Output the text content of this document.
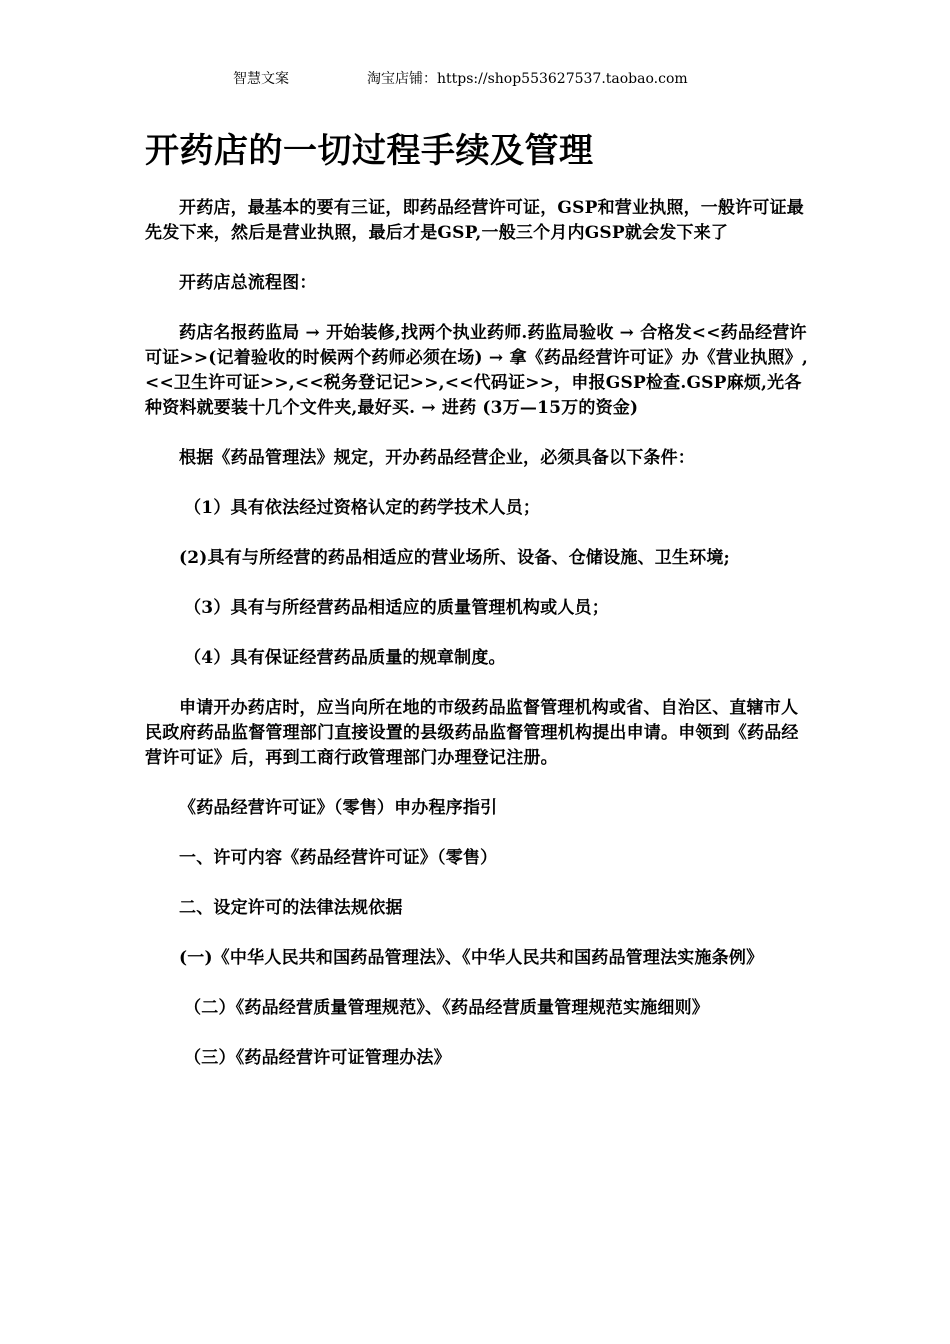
智慧文案	淘宝店铺：https://shop553627537.taobao.com
开药店的一切过程手续及管理

开药店，最基本的要有三证，即药品经营许可证，GSP和营业执照，一般许可证最先发下来，然后是营业执照，最后才是GSP,一般三个月内GSP就会发下来了

开药店总流程图：

药店名报药监局 → 开始装修,找两个执业药师.药监局验收 → 合格发<<药品经营许可证>>(记着验收的时候两个药师必须在场) → 拿《药品经营许可证》办《营业执照》,<<卫生许可证>>,<<税务登记记>>,<<代码证>>，申报GSP检查.GSP麻烦,光各种资料就要装十几个文件夹,最好买. → 进药 (3万—15万的资金)

根据《药品管理法》规定，开办药品经营企业，必须具备以下条件：

（1）具有依法经过资格认定的药学技术人员；

(2)具有与所经营的药品相适应的营业场所、设备、仓储设施、卫生环境;

（3）具有与所经营药品相适应的质量管理机构或人员；

（4）具有保证经营药品质量的规章制度。

申请开办药店时，应当向所在地的市级药品监督管理机构或省、自治区、直辖市人民政府药品监督管理部门直接设置的县级药品监督管理机构提出申请。申领到《药品经营许可证》后，再到工商行政管理部门办理登记注册。

《药品经营许可证》（零售）申办程序指引

一、许可内容《药品经营许可证》（零售）

二、设定许可的法律法规依据

(一)《中华人民共和国药品管理法》、《中华人民共和国药品管理法实施条例》

（二）《药品经营质量管理规范》、《药品经营质量管理规范实施细则》

（三）《药品经营许可证管理办法》
